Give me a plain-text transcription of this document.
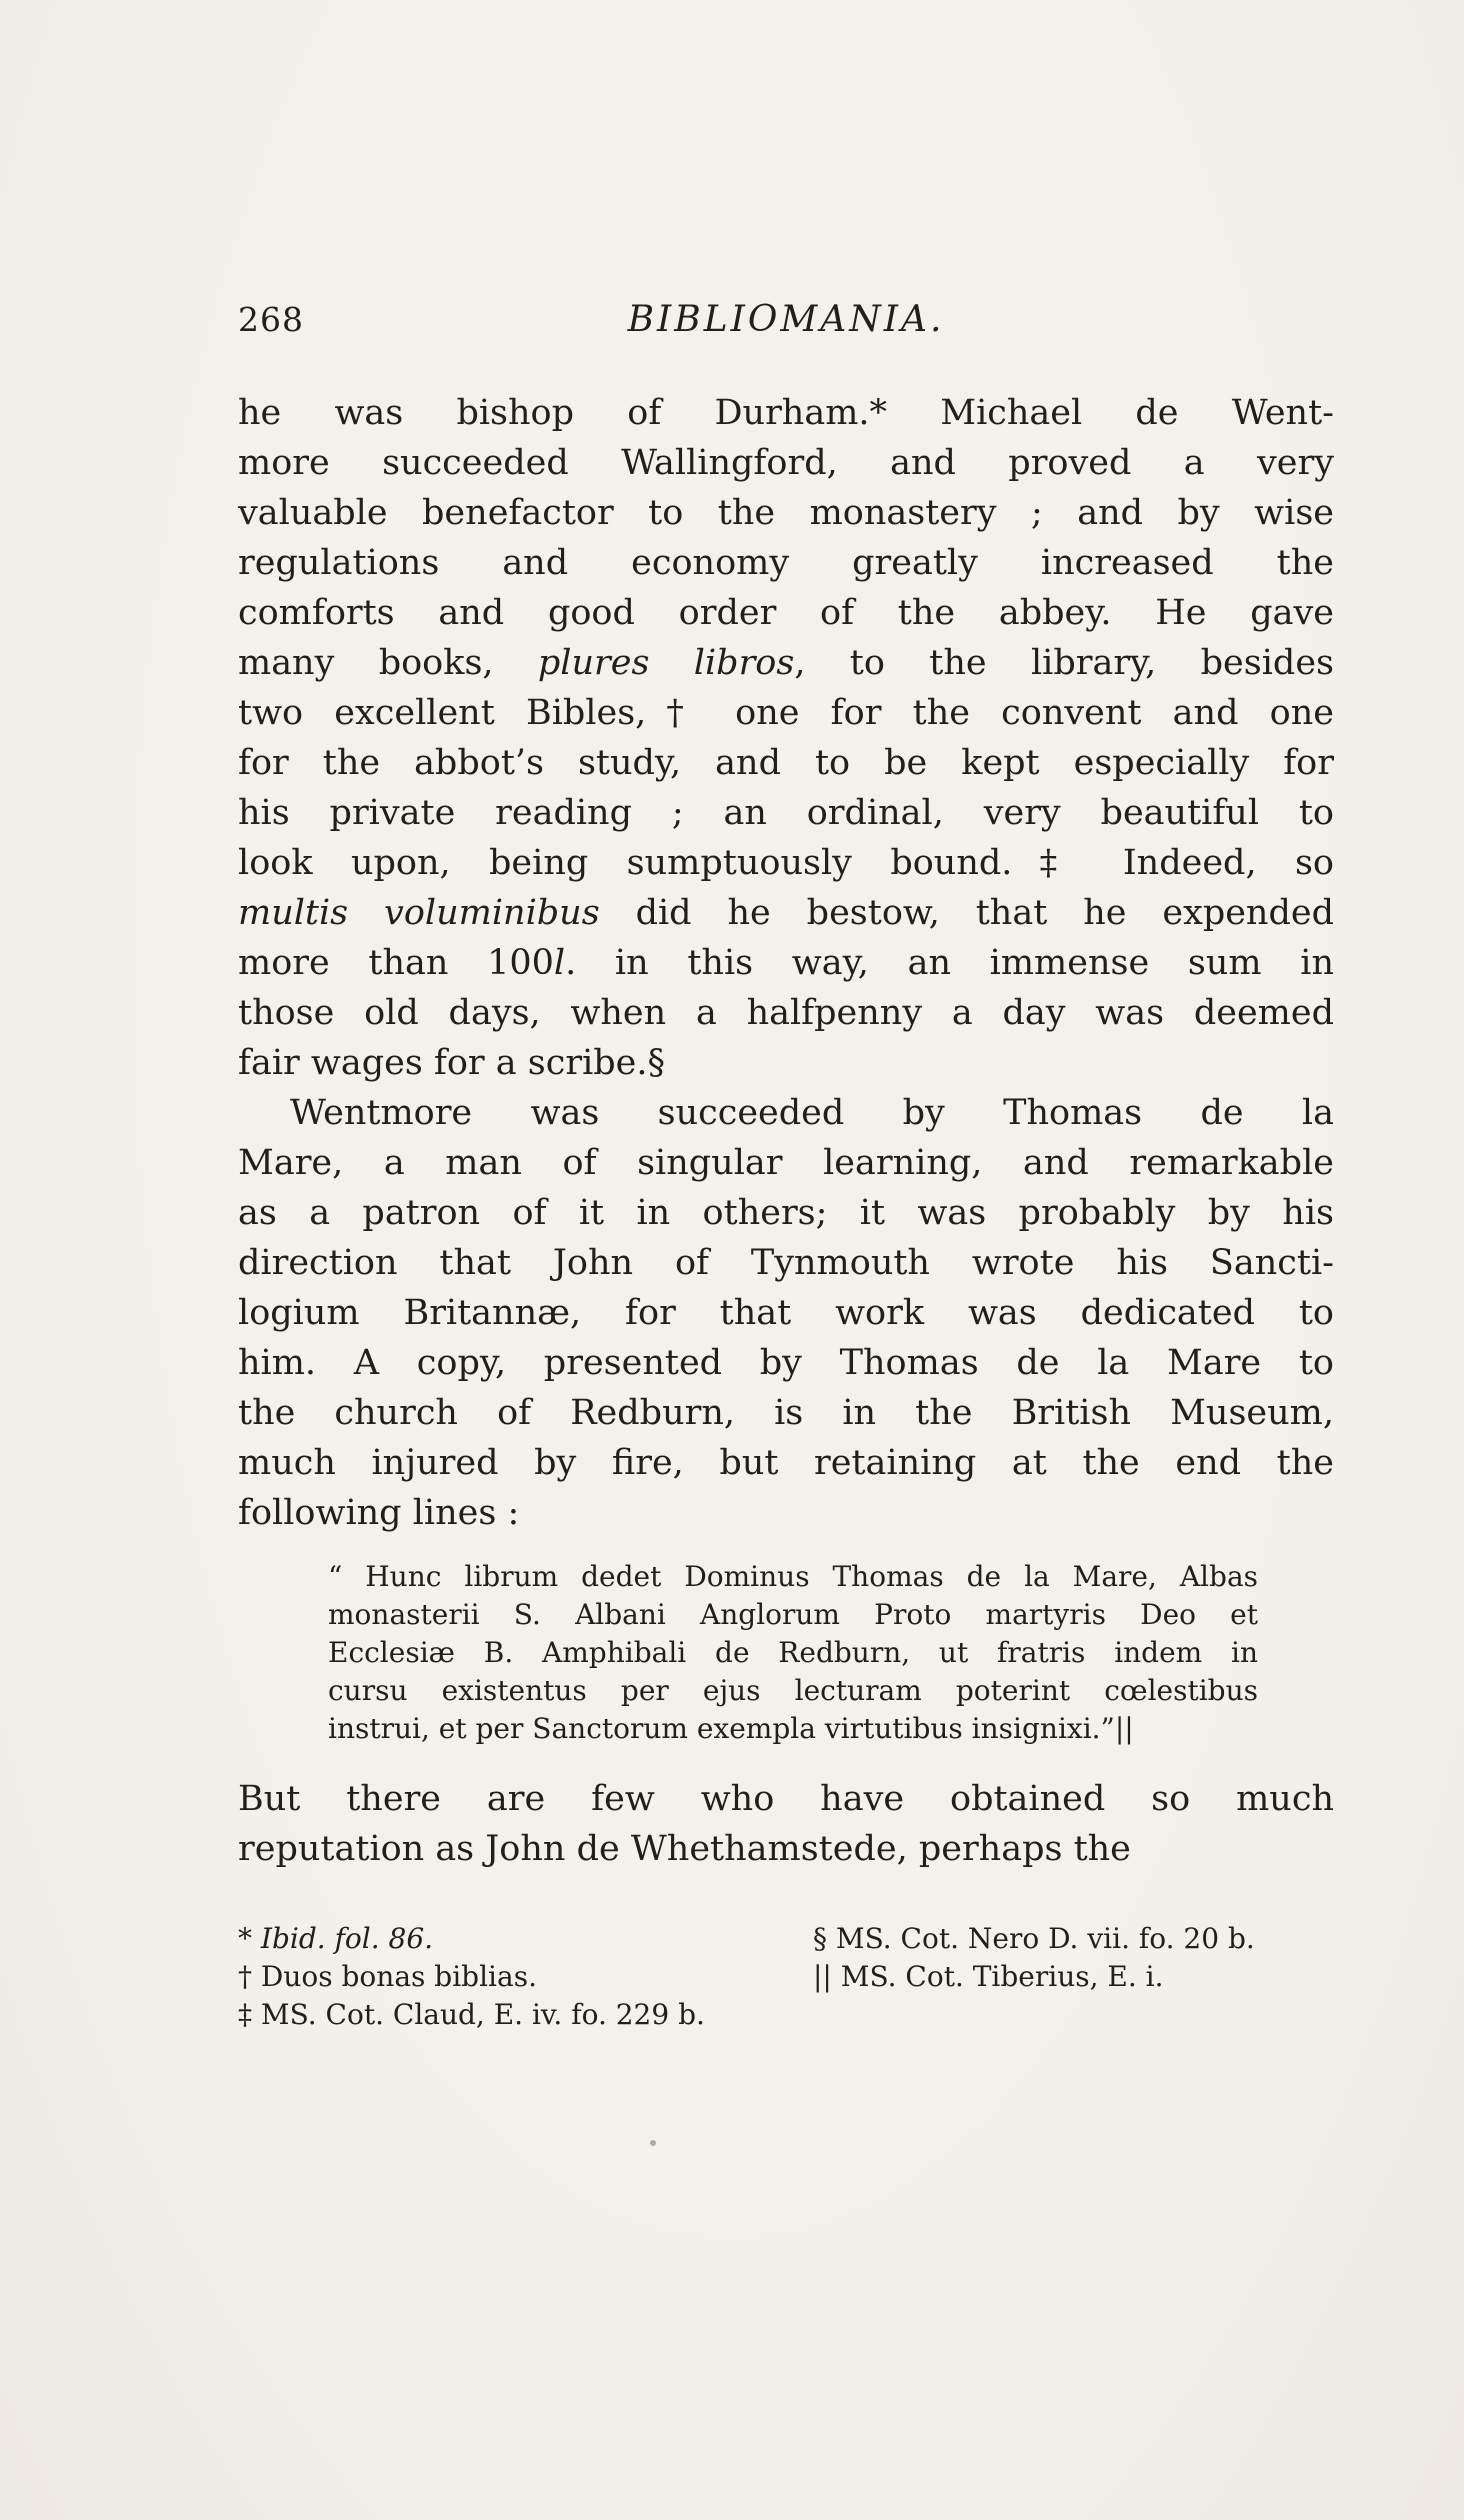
268	BIBLIOMANIA.
he was bishop of Durham.* Michael de Went-
more succeeded Wallingford, and proved a very
valuable benefactor to the monastery ; and by wise
regulations and economy greatly increased the
comforts and good order of the abbey. He gave
many books, plures libros, to the library, besides
two excellent Bibles,† one for the convent and one
for the abbot’s study, and to be kept especially for
his private reading ; an ordinal, very beautiful to
look upon, being sumptuously bound.‡ Indeed, so
multis voluminibus did he bestow, that he expended
more than 100l. in this way, an immense sum in
those old days, when a halfpenny a day was deemed
fair wages for a scribe.§
Wentmore was succeeded by Thomas de la
Mare, a man of singular learning, and remarkable
as a patron of it in others; it was probably by his
direction that John of Tynmouth wrote his Sancti-
logium Britannæ, for that work was dedicated to
him. A copy, presented by Thomas de la Mare to
the church of Redburn, is in the British Museum,
much injured by fire, but retaining at the end the
following lines :
“ Hunc librum dedet Dominus Thomas de la Mare, Albas
monasterii S. Albani Anglorum Proto martyris Deo et
Ecclesiæ B. Amphibali de Redburn, ut fratris indem in
cursu existentus per ejus lecturam poterint cœlestibus
instrui, et per Sanctorum exempla virtutibus insignixi.”||
But there are few who have obtained so much
reputation as John de Whethamstede, perhaps the
* Ibid. fol. 86.	§ MS. Cot. Nero D. vii. fo. 20 b.
† Duos bonas biblias.	|| MS. Cot. Tiberius, E. i.
‡ MS. Cot. Claud, E. iv. fo. 229 b.
